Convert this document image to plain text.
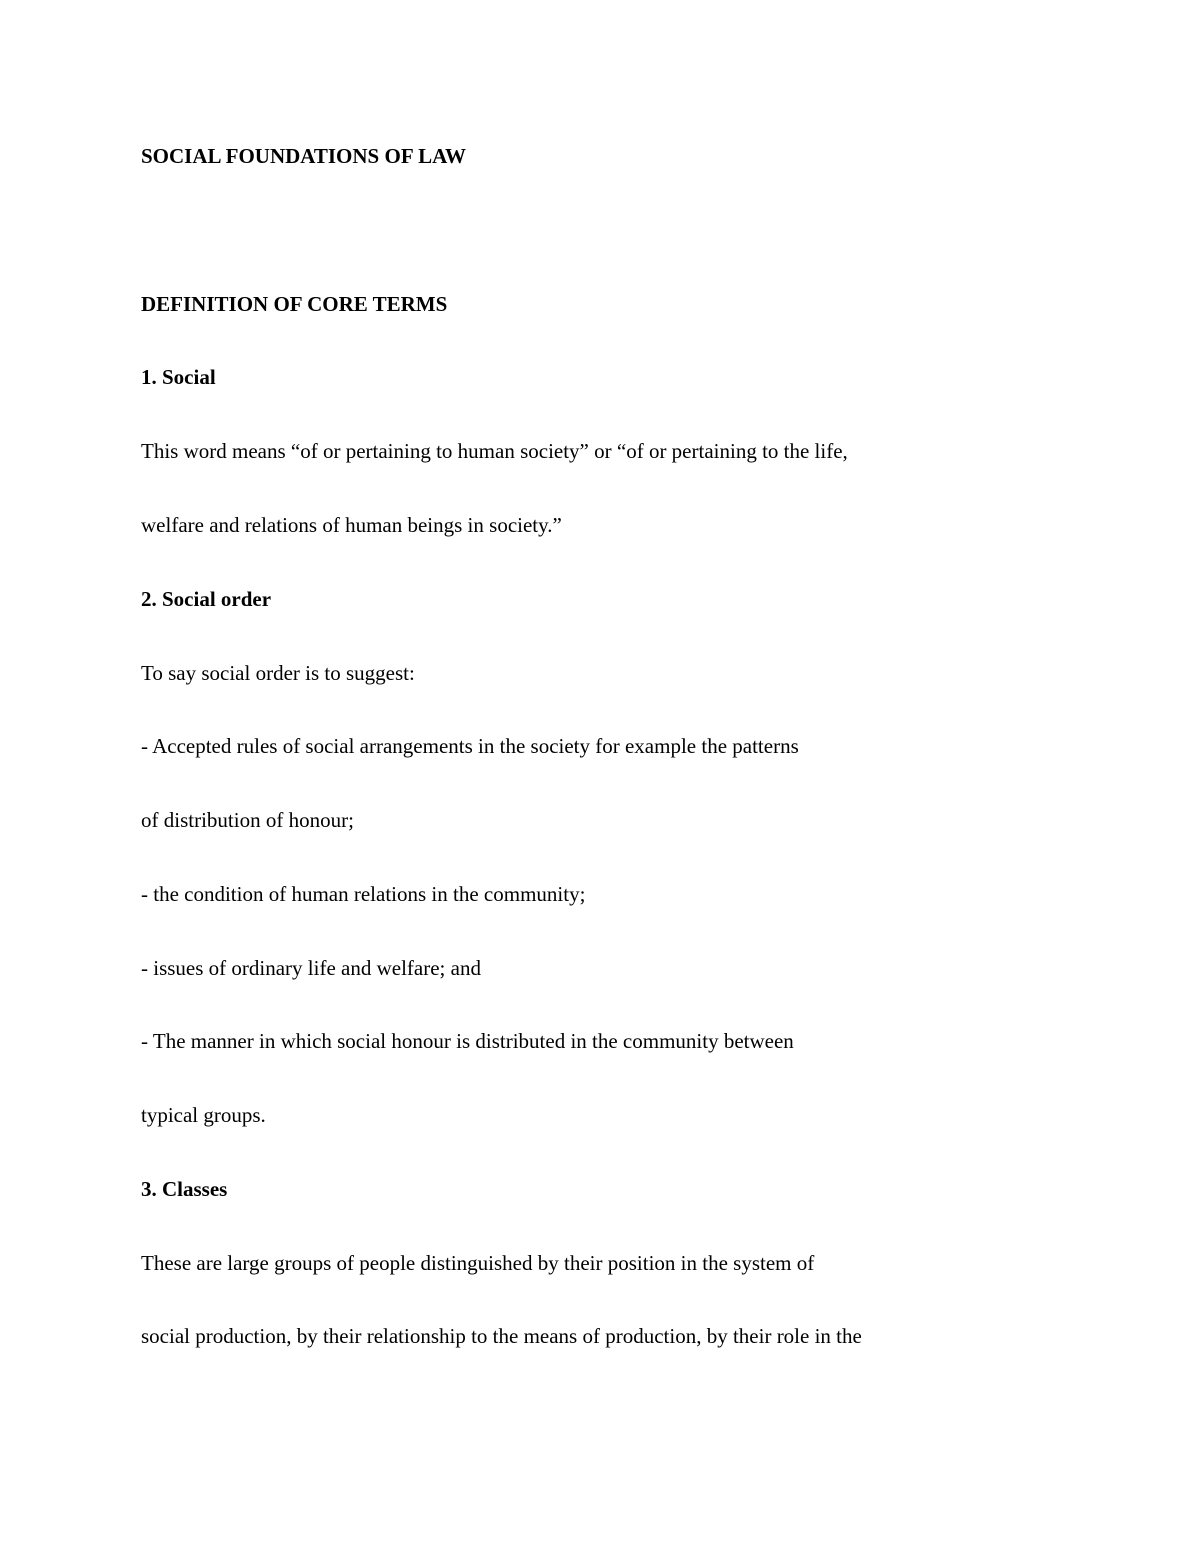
SOCIAL FOUNDATIONS OF LAW
DEFINITION OF CORE TERMS
1. Social

This word means “of or pertaining to human society” or “of or pertaining to the life,

welfare and relations of human beings in society.”

2. Social order

To say social order is to suggest:

- Accepted rules of social arrangements in the society for example the patterns

of distribution of honour;

- the condition of human relations in the community;

- issues of ordinary life and welfare; and

- The manner in which social honour is distributed in the community between

typical groups.

3. Classes

These are large groups of people distinguished by their position in the system of

social production, by their relationship to the means of production, by their role in the
